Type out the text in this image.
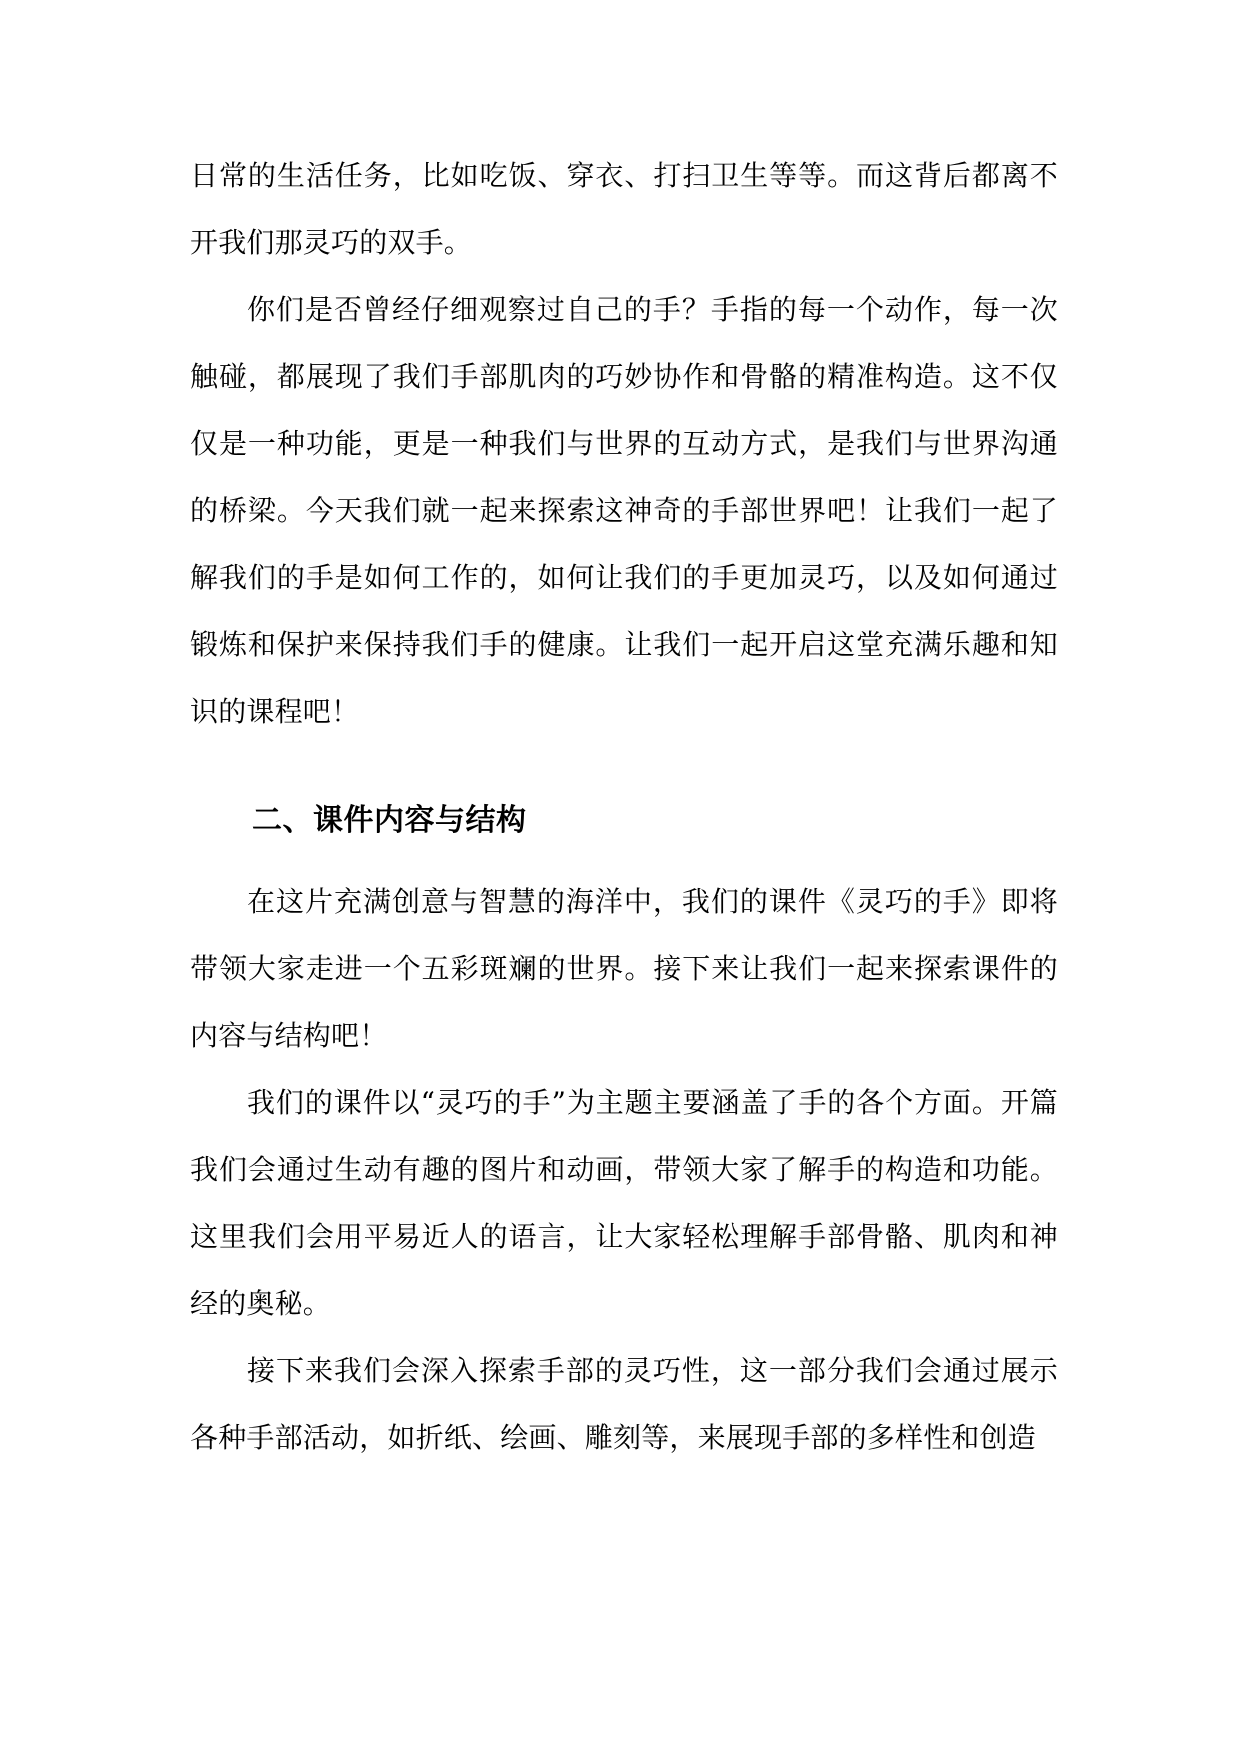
日常的生活任务，比如吃饭、穿衣、打扫卫生等等。而这背后都离不开我们那灵巧的双手。

你们是否曾经仔细观察过自己的手？手指的每一个动作，每一次触碰，都展现了我们手部肌肉的巧妙协作和骨骼的精准构造。这不仅仅是一种功能，更是一种我们与世界的互动方式，是我们与世界沟通的桥梁。今天我们就一起来探索这神奇的手部世界吧！让我们一起了解我们的手是如何工作的，如何让我们的手更加灵巧，以及如何通过锻炼和保护来保持我们手的健康。让我们一起开启这堂充满乐趣和知识的课程吧！

二、课件内容与结构

在这片充满创意与智慧的海洋中，我们的课件《灵巧的手》即将带领大家走进一个五彩斑斓的世界。接下来让我们一起来探索课件的内容与结构吧！

我们的课件以“灵巧的手”为主题主要涵盖了手的各个方面。开篇我们会通过生动有趣的图片和动画，带领大家了解手的构造和功能。这里我们会用平易近人的语言，让大家轻松理解手部骨骼、肌肉和神经的奥秘。

接下来我们会深入探索手部的灵巧性，这一部分我们会通过展示各种手部活动，如折纸、绘画、雕刻等，来展现手部的多样性和创造
